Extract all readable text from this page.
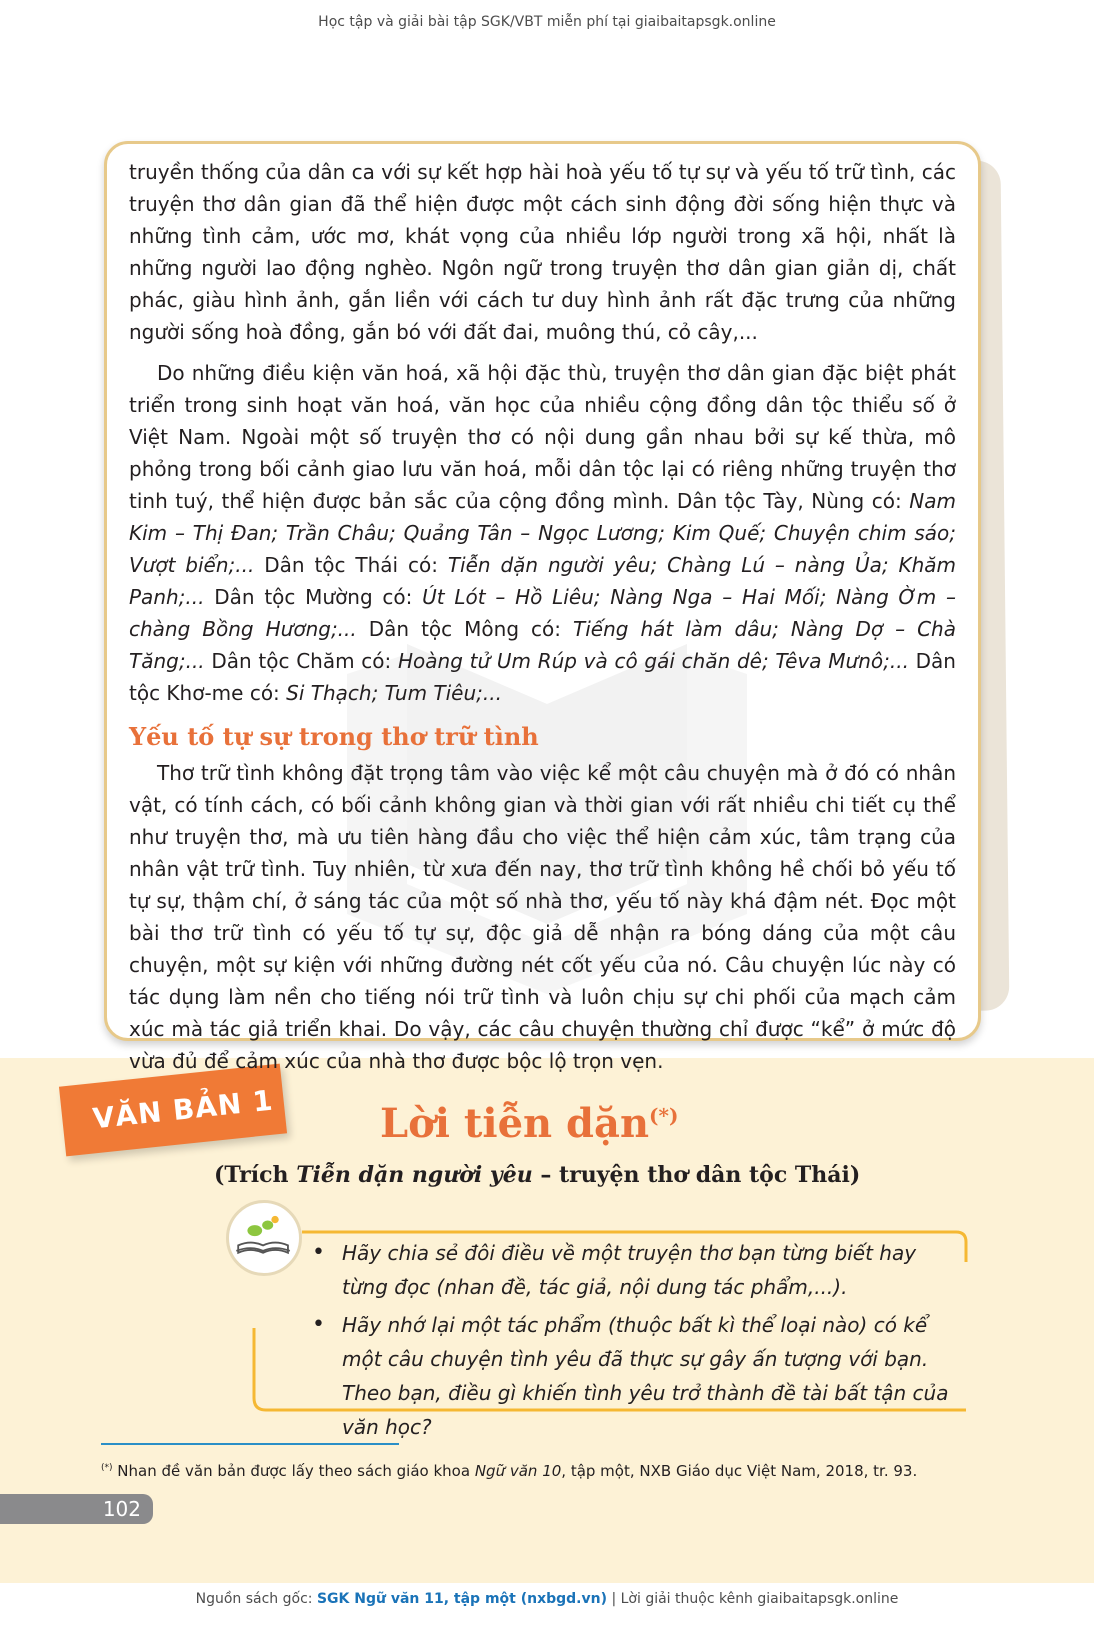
Học tập và giải bài tập SGK/VBT miễn phí tại giaibaitapsgk.online

truyền thống của dân ca với sự kết hợp hài hoà yếu tố tự sự và yếu tố trữ tình, các truyện thơ dân gian đã thể hiện được một cách sinh động đời sống hiện thực và những tình cảm, ước mơ, khát vọng của nhiều lớp người trong xã hội, nhất là những người lao động nghèo. Ngôn ngữ trong truyện thơ dân gian giản dị, chất phác, giàu hình ảnh, gắn liền với cách tư duy hình ảnh rất đặc trưng của những người sống hoà đồng, gắn bó với đất đai, muông thú, cỏ cây,...

Do những điều kiện văn hoá, xã hội đặc thù, truyện thơ dân gian đặc biệt phát triển trong sinh hoạt văn hoá, văn học của nhiều cộng đồng dân tộc thiểu số ở Việt Nam. Ngoài một số truyện thơ có nội dung gần nhau bởi sự kế thừa, mô phỏng trong bối cảnh giao lưu văn hoá, mỗi dân tộc lại có riêng những truyện thơ tinh tuý, thể hiện được bản sắc của cộng đồng mình. Dân tộc Tày, Nùng có: Nam Kim – Thị Đan; Trần Châu; Quảng Tân – Ngọc Lương; Kim Quế; Chuyện chim sáo; Vượt biển;... Dân tộc Thái có: Tiễn dặn người yêu; Chàng Lú – nàng Ủa; Khăm Panh;... Dân tộc Mường có: Út Lót – Hồ Liêu; Nàng Nga – Hai Mối; Nàng Ờm – chàng Bồng Hương;... Dân tộc Mông có: Tiếng hát làm dâu; Nàng Dợ – Chà Tăng;... Dân tộc Chăm có: Hoàng tử Um Rúp và cô gái chăn dê; Têva Mưnô;... Dân tộc Khơ-me có: Si Thạch; Tum Tiêu;...

Yếu tố tự sự trong thơ trữ tình

Thơ trữ tình không đặt trọng tâm vào việc kể một câu chuyện mà ở đó có nhân vật, có tính cách, có bối cảnh không gian và thời gian với rất nhiều chi tiết cụ thể như truyện thơ, mà ưu tiên hàng đầu cho việc thể hiện cảm xúc, tâm trạng của nhân vật trữ tình. Tuy nhiên, từ xưa đến nay, thơ trữ tình không hề chối bỏ yếu tố tự sự, thậm chí, ở sáng tác của một số nhà thơ, yếu tố này khá đậm nét. Đọc một bài thơ trữ tình có yếu tố tự sự, độc giả dễ nhận ra bóng dáng của một câu chuyện, một sự kiện với những đường nét cốt yếu của nó. Câu chuyện lúc này có tác dụng làm nền cho tiếng nói trữ tình và luôn chịu sự chi phối của mạch cảm xúc mà tác giả triển khai. Do vậy, các câu chuyện thường chỉ được “kể” ở mức độ vừa đủ để cảm xúc của nhà thơ được bộc lộ trọn vẹn.

VĂN BẢN 1	Lời tiễn dặn(*)
(Trích Tiễn dặn người yêu – truyện thơ dân tộc Thái)
• Hãy chia sẻ đôi điều về một truyện thơ bạn từng biết hay từng đọc (nhan đề, tác giả, nội dung tác phẩm,...).
• Hãy nhớ lại một tác phẩm (thuộc bất kì thể loại nào) có kể một câu chuyện tình yêu đã thực sự gây ấn tượng với bạn. Theo bạn, điều gì khiến tình yêu trở thành đề tài bất tận của văn học?
(*) Nhan đề văn bản được lấy theo sách giáo khoa Ngữ văn 10, tập một, NXB Giáo dục Việt Nam, 2018, tr. 93.
102
Nguồn sách gốc: SGK Ngữ văn 11, tập một (nxbgd.vn) | Lời giải thuộc kênh giaibaitapsgk.online
